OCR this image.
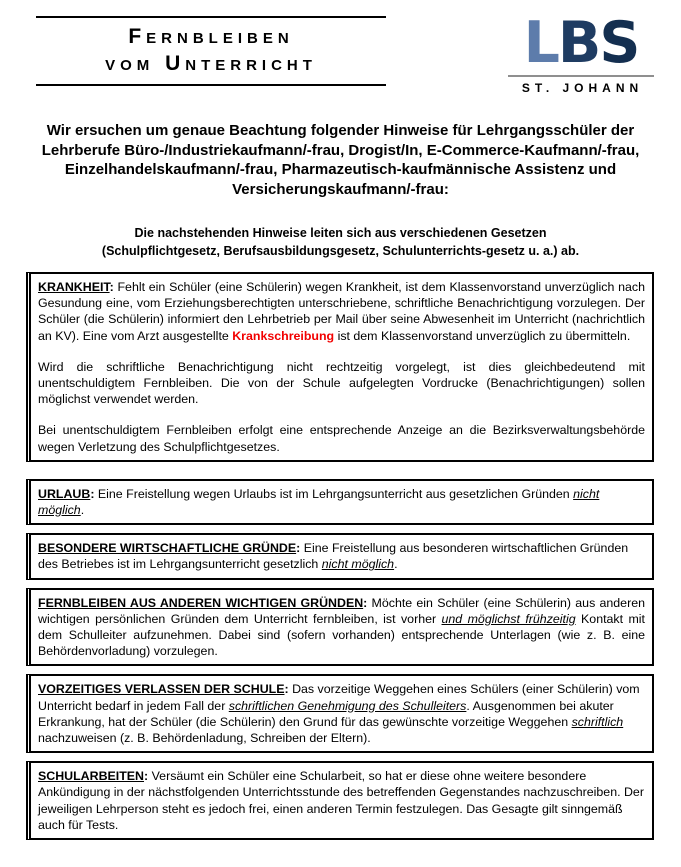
Fernbleiben
vom Unterricht	LBS
ST. JOHANN
Wir ersuchen um genaue Beachtung folgender Hinweise für Lehrgangsschüler der Lehrberufe Büro-/Industriekaufmann/-frau, Drogist/In, E-Commerce-Kaufmann/-frau, Einzelhandelskaufmann/-frau, Pharmazeutisch-kaufmännische Assistenz und Versicherungskaufmann/-frau:
Die nachstehenden Hinweise leiten sich aus verschiedenen Gesetzen (Schulpflichtgesetz, Berufsausbildungsgesetz, Schulunterrichts-gesetz u. a.) ab.

KRANKHEIT: Fehlt ein Schüler (eine Schülerin) wegen Krankheit, ist dem Klassenvorstand unverzüglich nach Gesundung eine, vom Erziehungsberechtigten unterschriebene, schriftliche Benachrichtigung vorzulegen. Der Schüler (die Schülerin) informiert den Lehrbetrieb per Mail über seine Abwesenheit im Unterricht (nachrichtlich an KV). Eine vom Arzt ausgestellte Krankschreibung ist dem Klassenvorstand unverzüglich zu übermitteln.

Wird die schriftliche Benachrichtigung nicht rechtzeitig vorgelegt, ist dies gleichbedeutend mit unentschuldigtem Fernbleiben. Die von der Schule aufgelegten Vordrucke (Benachrichtigungen) sollen möglichst verwendet werden.

Bei unentschuldigtem Fernbleiben erfolgt eine entsprechende Anzeige an die Bezirksverwaltungsbehörde wegen Verletzung des Schulpflichtgesetzes.

URLAUB: Eine Freistellung wegen Urlaubs ist im Lehrgangsunterricht aus gesetzlichen Gründen nicht möglich.

BESONDERE WIRTSCHAFTLICHE GRÜNDE: Eine Freistellung aus besonderen wirtschaftlichen Gründen des Betriebes ist im Lehrgangsunterricht gesetzlich nicht möglich.

FERNBLEIBEN AUS ANDEREN WICHTIGEN GRÜNDEN: Möchte ein Schüler (eine Schülerin) aus anderen wichtigen persönlichen Gründen dem Unterricht fernbleiben, ist vorher und möglichst frühzeitig Kontakt mit dem Schulleiter aufzunehmen. Dabei sind (sofern vorhanden) entsprechende Unterlagen (wie z. B. eine Behördenvorladung) vorzulegen.

VORZEITIGES VERLASSEN DER SCHULE: Das vorzeitige Weggehen eines Schülers (einer Schülerin) vom Unterricht bedarf in jedem Fall der schriftlichen Genehmigung des Schulleiters. Ausgenommen bei akuter Erkrankung, hat der Schüler (die Schülerin) den Grund für das gewünschte vorzeitige Weggehen schriftlich nachzuweisen (z. B. Behördenladung, Schreiben der Eltern).

SCHULARBEITEN: Versäumt ein Schüler eine Schularbeit, so hat er diese ohne weitere besondere Ankündigung in der nächstfolgenden Unterrichtsstunde des betreffenden Gegenstandes nachzuschreiben. Der jeweiligen Lehrperson steht es jedoch frei, einen anderen Termin festzulegen. Das Gesagte gilt sinngemäß auch für Tests.
